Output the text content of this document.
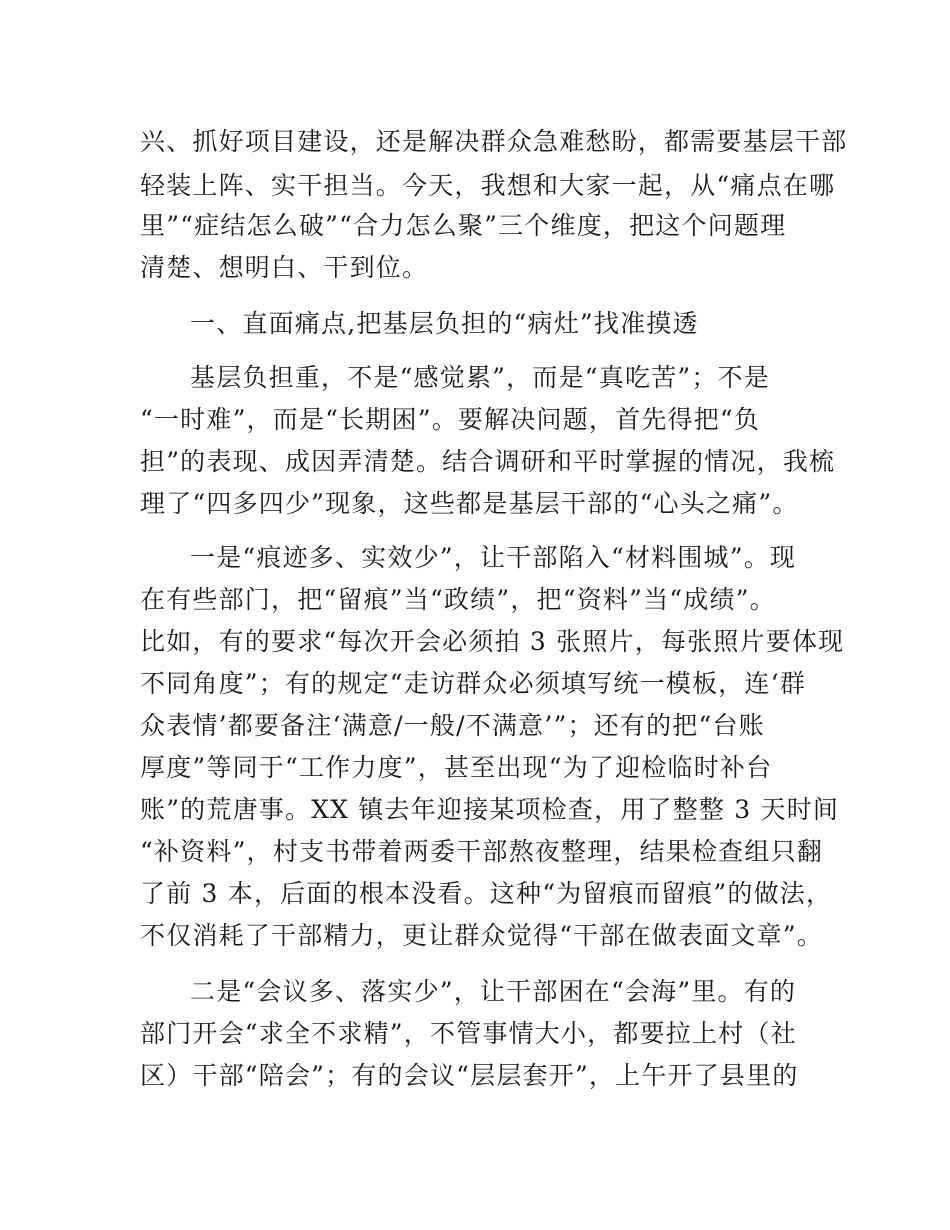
兴、抓好项目建设，还是解决群众急难愁盼，都需要基层干部
轻装上阵、实干担当。今天，我想和大家一起，从“痛点在哪
里”“症结怎么破”“合力怎么聚”三个维度，把这个问题理
清楚、想明白、干到位。
一、直面痛点,把基层负担的“病灶”找准摸透
基层负担重，不是“感觉累”，而是“真吃苦”；不是
“一时难”，而是“长期困”。要解决问题，首先得把“负
担”的表现、成因弄清楚。结合调研和平时掌握的情况，我梳
理了“四多四少”现象，这些都是基层干部的“心头之痛”。
一是“痕迹多、实效少”，让干部陷入“材料围城”。现
在有些部门，把“留痕”当“政绩”，把“资料”当“成绩”。
比如，有的要求“每次开会必须拍 3 张照片，每张照片要体现
不同角度”；有的规定“走访群众必须填写统一模板，连‘群
众表情’都要备注‘满意/一般/不满意’”；还有的把“台账
厚度”等同于“工作力度”，甚至出现“为了迎检临时补台
账”的荒唐事。XX 镇去年迎接某项检查，用了整整 3 天时间
“补资料”，村支书带着两委干部熬夜整理，结果检查组只翻
了前 3 本，后面的根本没看。这种“为留痕而留痕”的做法，
不仅消耗了干部精力，更让群众觉得“干部在做表面文章”。
二是“会议多、落实少”，让干部困在“会海”里。有的
部门开会“求全不求精”，不管事情大小，都要拉上村（社
区）干部“陪会”；有的会议“层层套开”，上午开了县里的
